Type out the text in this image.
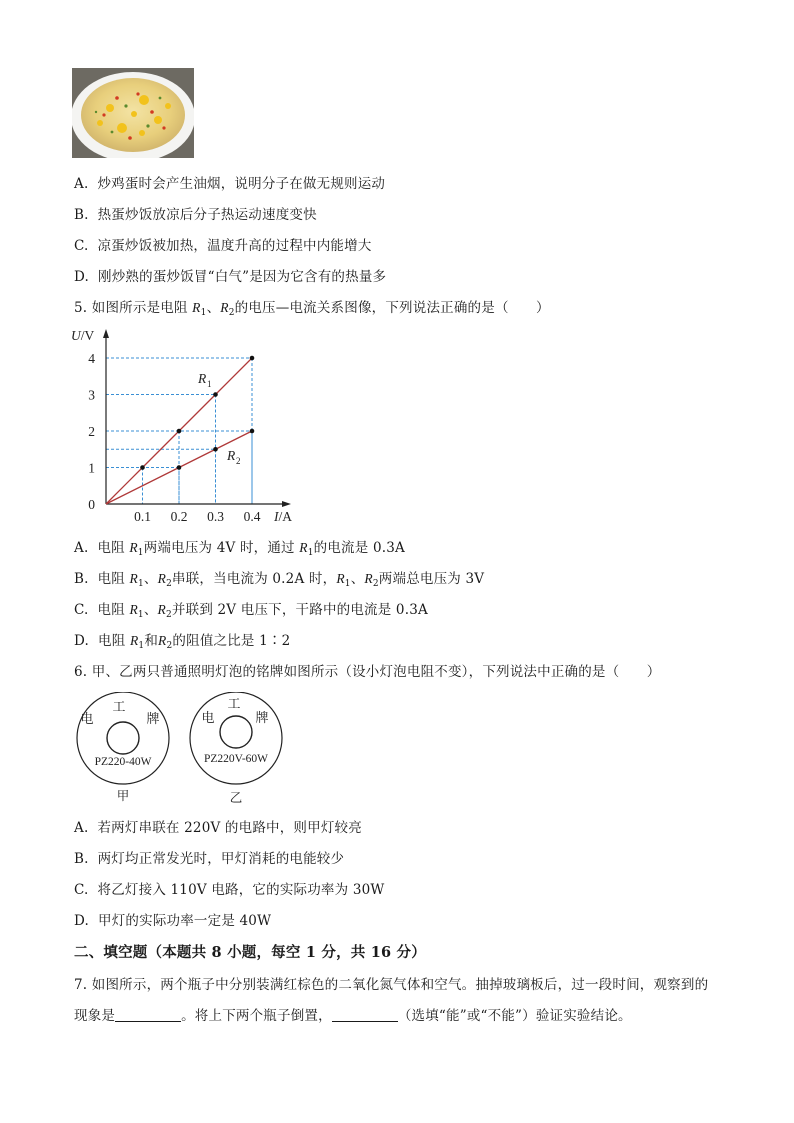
A. 炒鸡蛋时会产生油烟，说明分子在做无规则运动
B. 热蛋炒饭放凉后分子热运动速度变快
C. 凉蛋炒饭被加热，温度升高的过程中内能增大
D. 刚炒熟的蛋炒饭冒“白气”是因为它含有的热量多
5. 如图所示是电阻 $R_1$、$R_2$的电压—电流关系图像，下列说法正确的是（　　）
R 1
R 2
1
2
3
4
0.1 0.2 0.3 0.4
0
U/V
I/A
A. 电阻 $R_1$两端电压为 4V 时，通过 $R_1$的电流是 0.3A
B. 电阻 $R_1$、$R_2$串联，当电流为 0.2A 时，$R_1$、$R_2$两端总电压为 3V
C. 电阻 $R_1$、$R_2$并联到 2V 电压下，干路中的电流是 0.3A
D. 电阻 $R_1$和$R_2$的阻值之比是 1∶2
6. 甲、乙两只普通照明灯泡的铭牌如图所示（设小灯泡电阻不变），下列说法中正确的是（　　）
电
工
牌
PZ220-40W
甲
电
工
牌
PZ220V-60W
乙
A. 若两灯串联在 220V 的电路中，则甲灯较亮
B. 两灯均正常发光时，甲灯消耗的电能较少
C. 将乙灯接入 110V 电路，它的实际功率为 30W
D. 甲灯的实际功率一定是 40W
二、填空题（本题共 8 小题，每空 1 分，共 16 分）
7. 如图所示，两个瓶子中分别装满红棕色的二氧化氮气体和空气。抽掉玻璃板后，过一段时间，观察到的
现象是	。将上下两个瓶子倒置，	（选填“能”或“不能”）验证实验结论。
